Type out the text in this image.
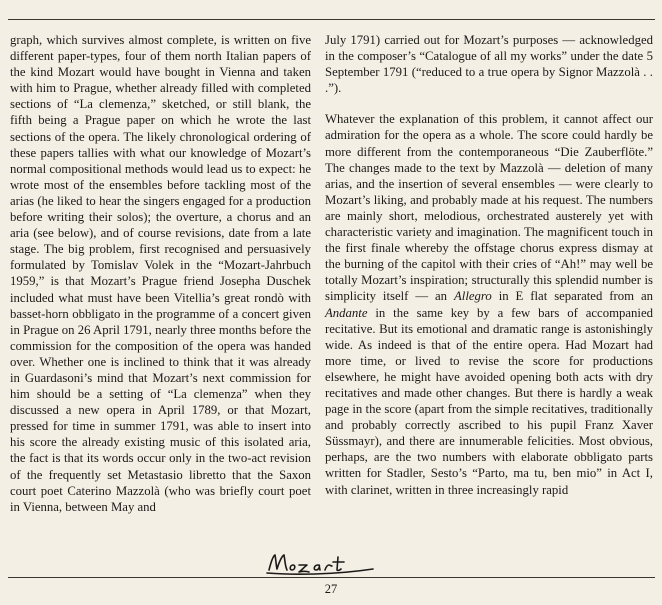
graph, which survives almost complete, is written on five different paper-types, four of them north Italian papers of the kind Mozart would have bought in Vienna and taken with him to Prague, whether already filled with completed sections of “La clemenza,” sketched, or still blank, the fifth being a Prague paper on which he wrote the last sections of the opera. The likely chronological ordering of these papers tallies with what our knowledge of Mozart’s normal compositional methods would lead us to expect: he wrote most of the ensembles before tackling most of the arias (he liked to hear the singers engaged for a production before writing their solos); the overture, a chorus and an aria (see below), and of course revisions, date from a late stage. The big problem, first recognised and persuasively formulated by Tomislav Volek in the “Mozart-Jahrbuch 1959,” is that Mozart’s Prague friend Josepha Duschek included what must have been Vitellia’s great rondò with basset-horn obbligato in the programme of a concert given in Prague on 26 April 1791, nearly three months before the commission for the composition of the opera was handed over. Whether one is inclined to think that it was already in Guardasoni’s mind that Mozart’s next commission for him should be a setting of “La clemenza” when they discussed a new opera in April 1789, or that Mozart, pressed for time in summer 1791, was able to insert into his score the already existing music of this isolated aria, the fact is that its words occur only in the two-act revision of the frequently set Metastasio libretto that the Saxon court poet Caterino Mazzolà (who was briefly court poet in Vienna, between May and

July 1791) carried out for Mozart’s purposes — acknowledged in the composer’s “Catalogue of all my works” under the date 5 September 1791 (“reduced to a true opera by Signor Mazzolà . . .”).

Whatever the explanation of this problem, it cannot affect our admiration for the opera as a whole. The score could hardly be more different from the contemporaneous “Die Zauberflöte.” The changes made to the text by Mazzolà — deletion of many arias, and the insertion of several ensembles — were clearly to Mozart’s liking, and probably made at his request. The numbers are mainly short, melodious, orchestrated austerely yet with characteristic variety and imagination. The magnificent touch in the first finale whereby the offstage chorus express dismay at the burning of the capitol with their cries of “Ah!” may well be totally Mozart’s inspiration; structurally this splendid number is simplicity itself — an Allegro in E flat separated from an Andante in the same key by a few bars of accompanied recitative. But its emotional and dramatic range is astonishingly wide. As indeed is that of the entire opera. Had Mozart had more time, or lived to revise the score for productions elsewhere, he might have avoided opening both acts with dry recitatives and made other changes. But there is hardly a weak page in the score (apart from the simple recitatives, traditionally and probably correctly ascribed to his pupil Franz Xaver Süssmayr), and there are innumerable felicities. Most obvious, perhaps, are the two numbers with elaborate obbligato parts written for Stadler, Sesto’s “Parto, ma tu, ben mio” in Act I, with clarinet, written in three increasingly rapid

27
